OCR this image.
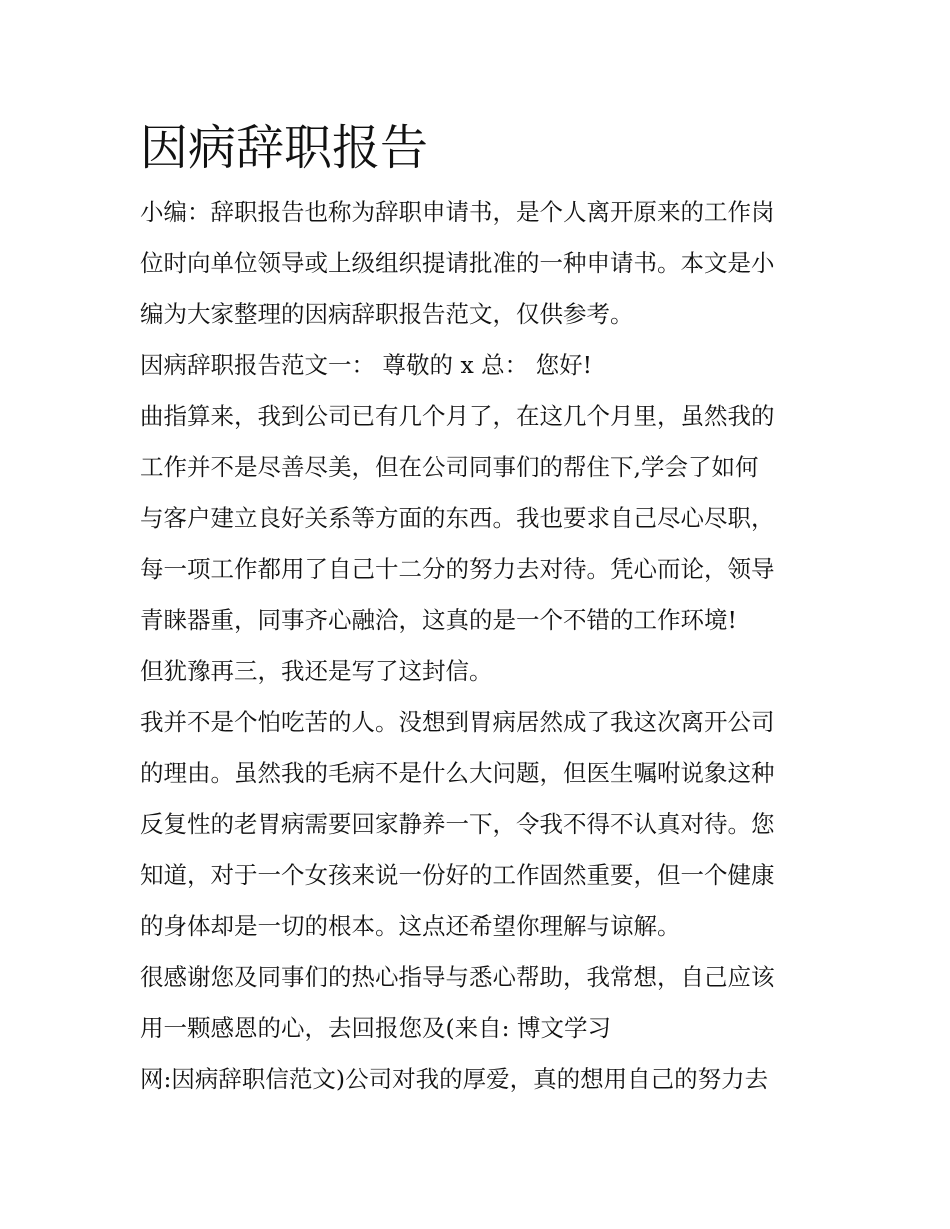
因病辞职报告
小编：辞职报告也称为辞职申请书，是个人离开原来的工作岗
位时向单位领导或上级组织提请批准的一种申请书。本文是小
编为大家整理的因病辞职报告范文，仅供参考。
因病辞职报告范文一： 尊敬的 x 总： 您好!
曲指算来，我到公司已有几个月了，在这几个月里，虽然我的
工作并不是尽善尽美，但在公司同事们的帮住下,学会了如何
与客户建立良好关系等方面的东西。我也要求自己尽心尽职，
每一项工作都用了自己十二分的努力去对待。凭心而论，领导
青睐器重，同事齐心融洽，这真的是一个不错的工作环境!
但犹豫再三，我还是写了这封信。
我并不是个怕吃苦的人。没想到胃病居然成了我这次离开公司
的理由。虽然我的毛病不是什么大问题，但医生嘱咐说象这种
反复性的老胃病需要回家静养一下，令我不得不认真对待。您
知道，对于一个女孩来说一份好的工作固然重要，但一个健康
的身体却是一切的根本。这点还希望你理解与谅解。
很感谢您及同事们的热心指导与悉心帮助，我常想，自己应该
用一颗感恩的心，去回报您及(来自: 博文学习
网:因病辞职信范文)公司对我的厚爱，真的想用自己的努力去
